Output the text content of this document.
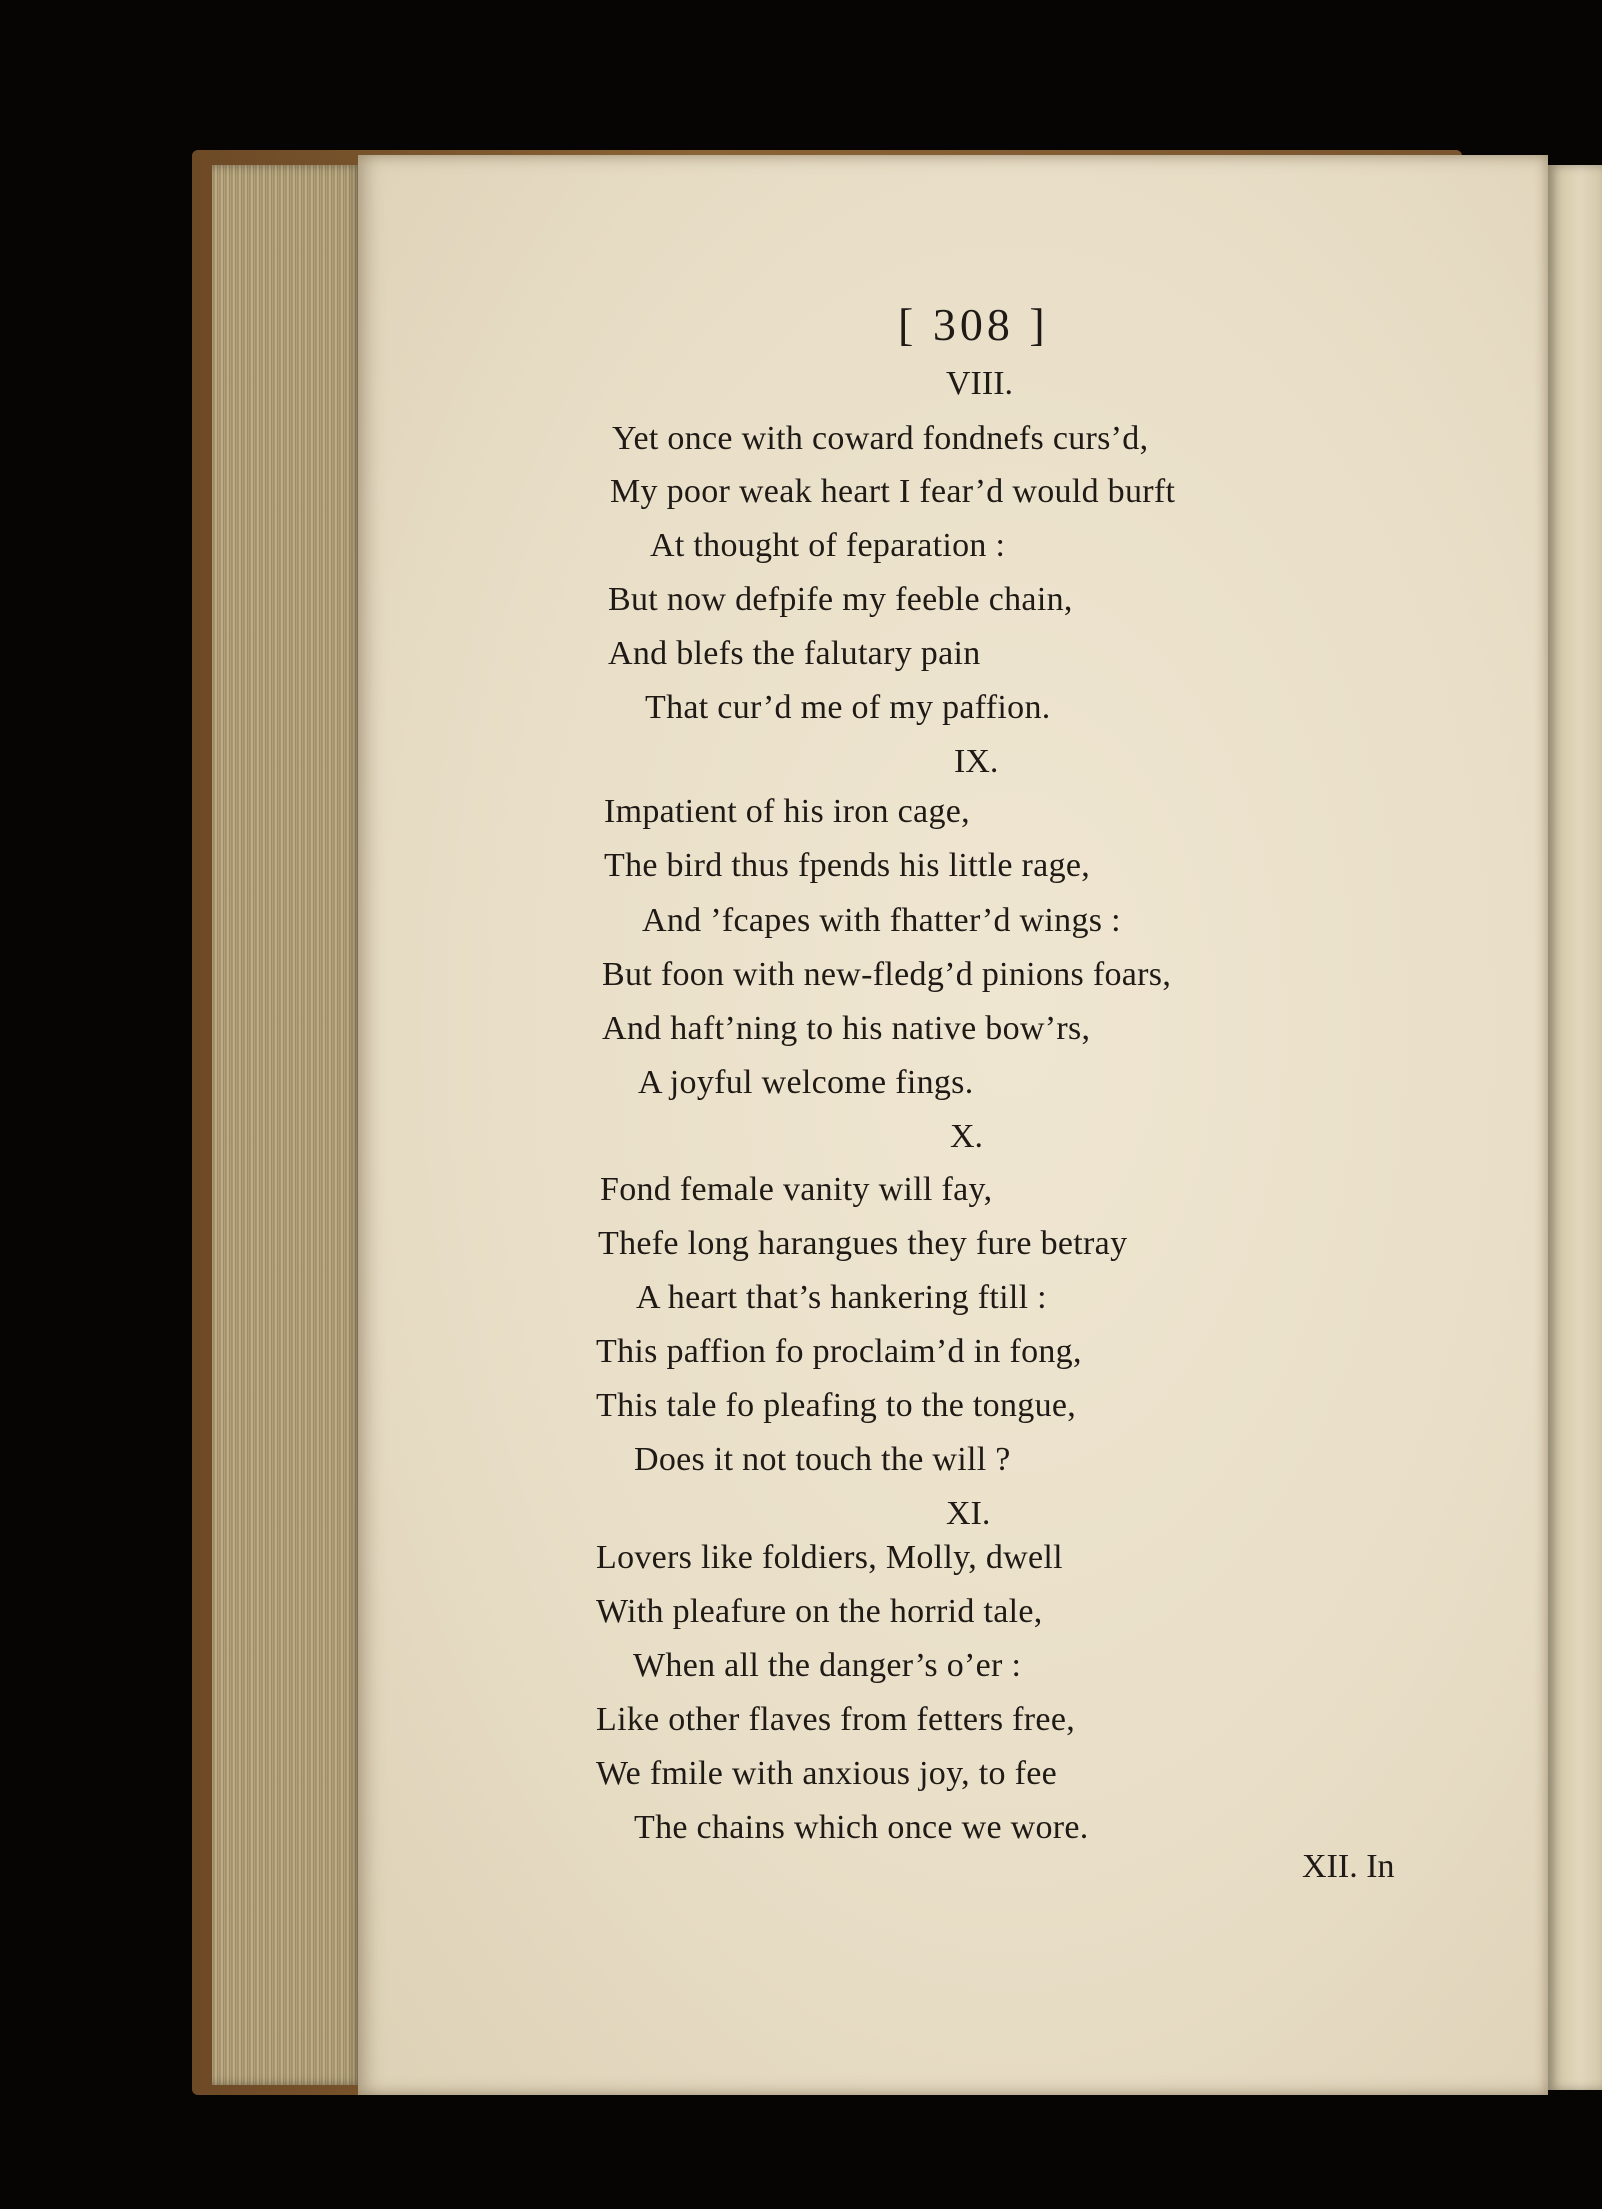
[ 308 ]
VIII.
Yet once with coward fondnefs curs’d,
My poor weak heart I fear’d would burft
At thought of feparation :
But now defpife my feeble chain,
And blefs the falutary pain
That cur’d me of my paffion.
IX.
Impatient of his iron cage,
The bird thus fpends his little rage,
And ’fcapes with fhatter’d wings :
But foon with new-fledg’d pinions foars,
And haft’ning to his native bow’rs,
A joyful welcome fings.
X.
Fond female vanity will fay,
Thefe long harangues they fure betray
A heart that’s hankering ftill :
This paffion fo proclaim’d in fong,
This tale fo pleafing to the tongue,
Does it not touch the will ?
XI.
Lovers like foldiers, Molly, dwell
With pleafure on the horrid tale,
When all the danger’s o’er :
Like other flaves from fetters free,
We fmile with anxious joy, to fee
The chains which once we wore.
XII. In
